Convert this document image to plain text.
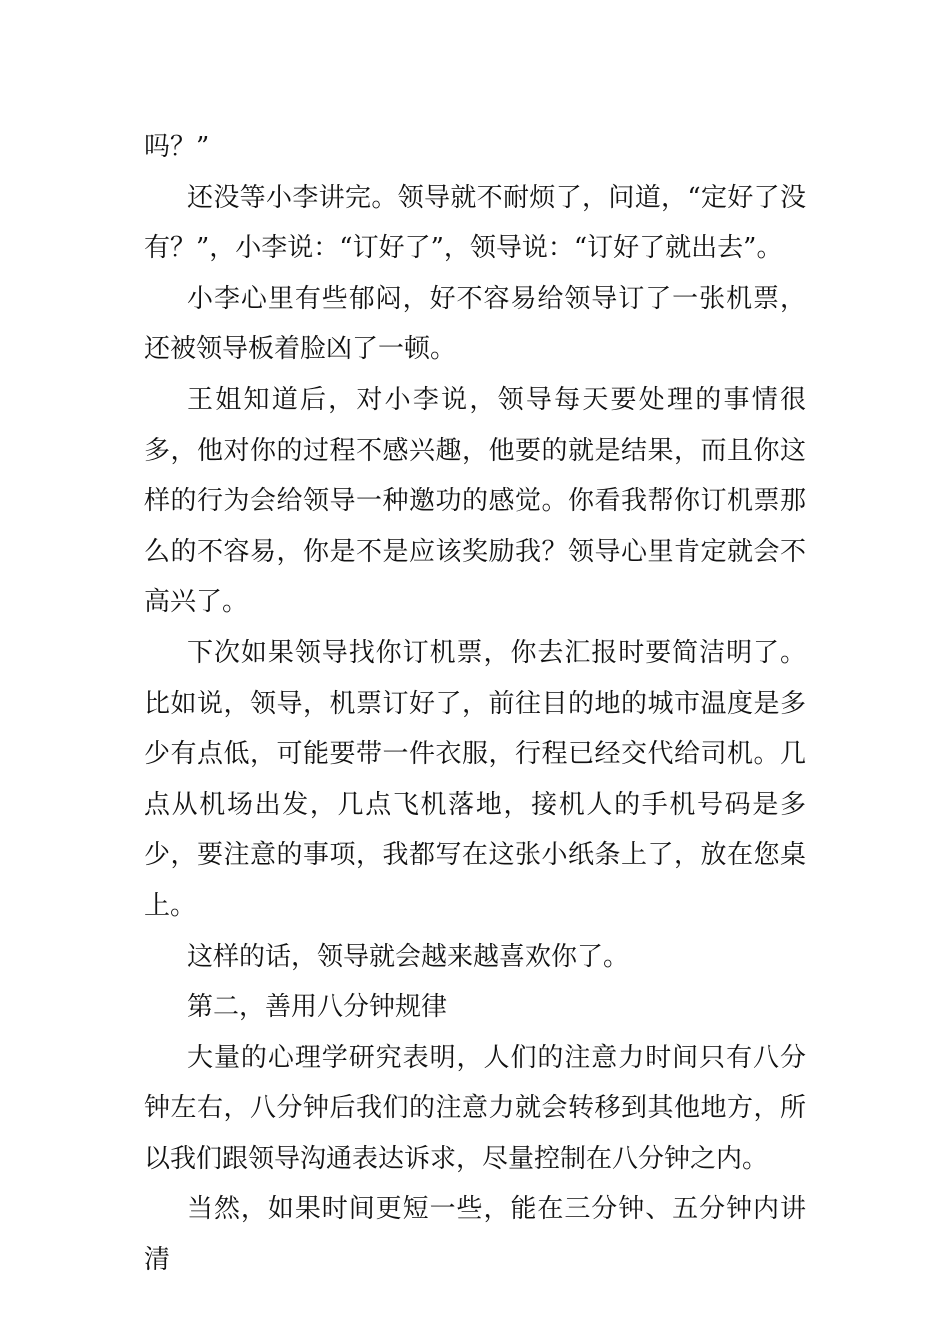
吗？”

还没等小李讲完。领导就不耐烦了，问道，“定好了没有？”，小李说：“订好了”，领导说：“订好了就出去”。

小李心里有些郁闷，好不容易给领导订了一张机票，还被领导板着脸凶了一顿。

王姐知道后，对小李说，领导每天要处理的事情很多，他对你的过程不感兴趣，他要的就是结果，而且你这样的行为会给领导一种邀功的感觉。你看我帮你订机票那么的不容易，你是不是应该奖励我？领导心里肯定就会不高兴了。

下次如果领导找你订机票，你去汇报时要简洁明了。比如说，领导，机票订好了，前往目的地的城市温度是多少有点低，可能要带一件衣服，行程已经交代给司机。几点从机场出发，几点飞机落地，接机人的手机号码是多少，要注意的事项，我都写在这张小纸条上了，放在您桌上。

这样的话，领导就会越来越喜欢你了。

第二，善用八分钟规律

大量的心理学研究表明，人们的注意力时间只有八分钟左右，八分钟后我们的注意力就会转移到其他地方，所以我们跟领导沟通表达诉求，尽量控制在八分钟之内。

当然，如果时间更短一些，能在三分钟、五分钟内讲清
